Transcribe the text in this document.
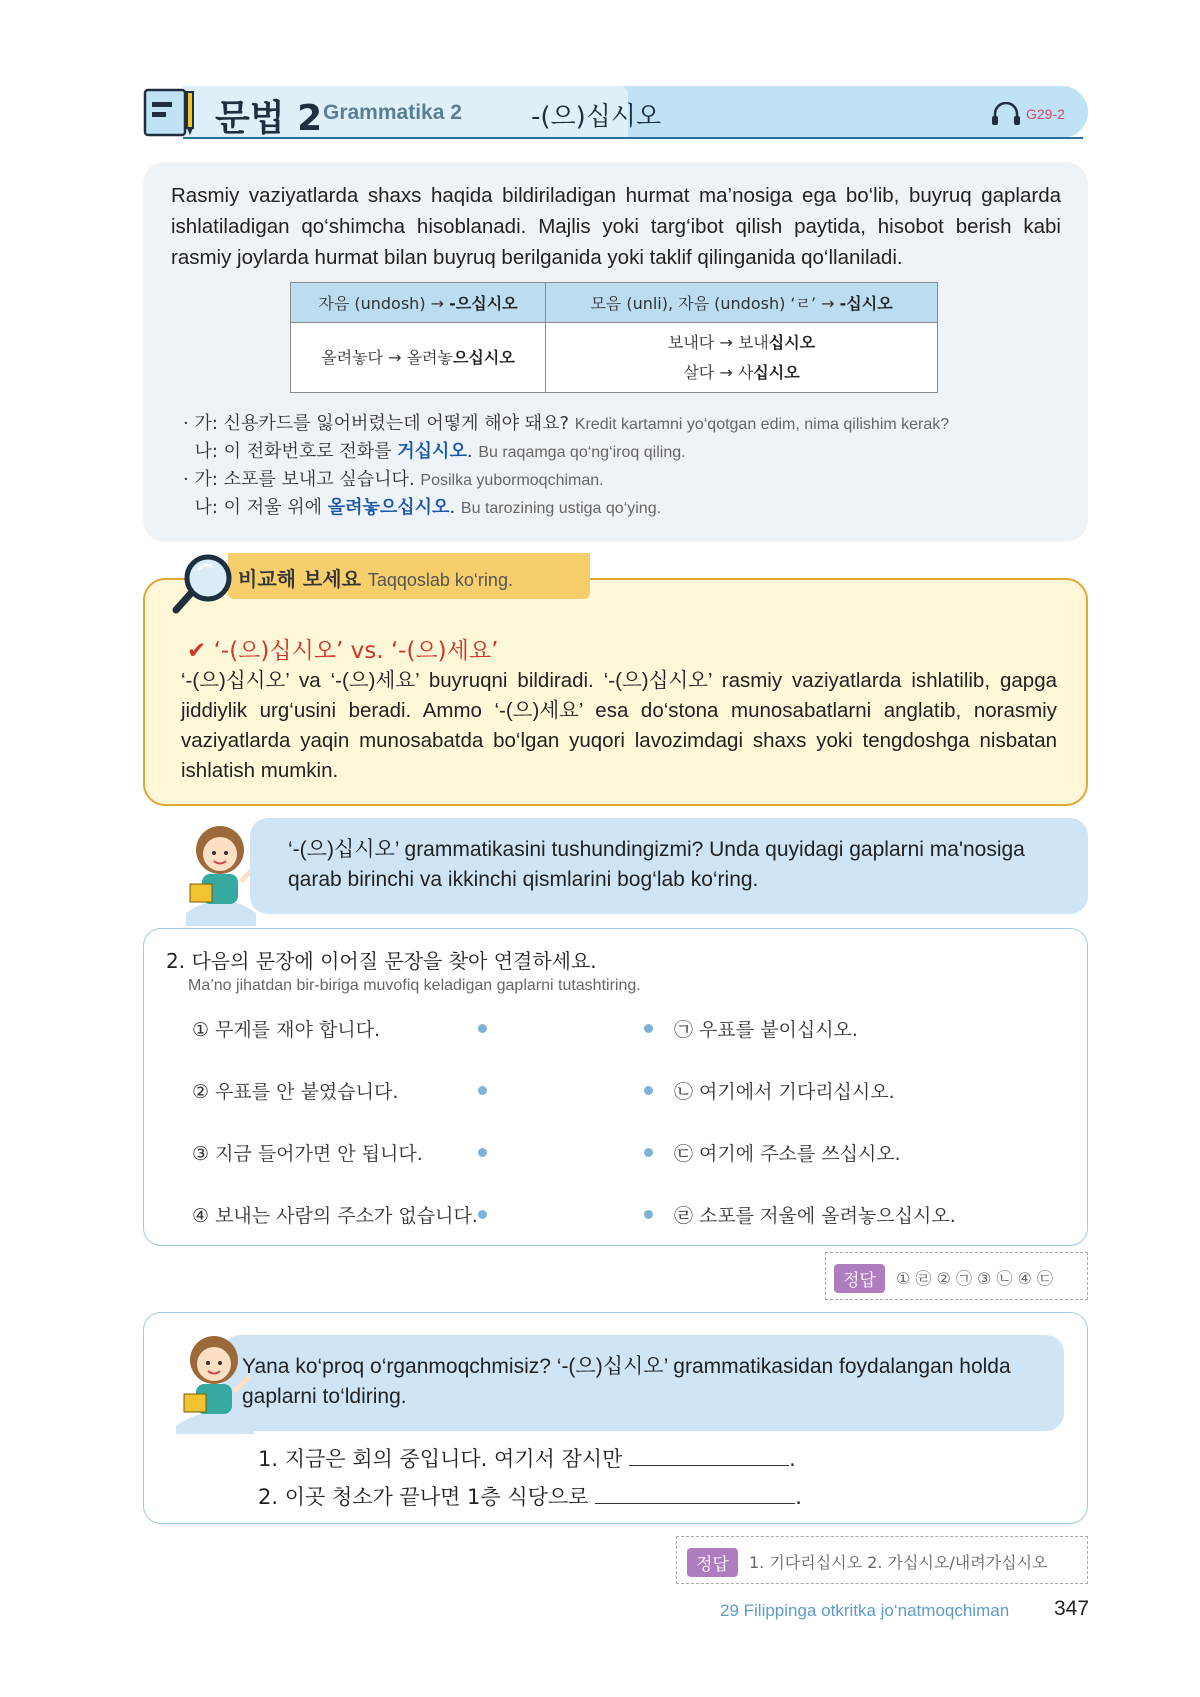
문법 2 Grammatika 2	-(으)십시오	G29-2
Rasmiy vaziyatlarda shaxs haqida bildiriladigan hurmat ma’nosiga ega bo‘lib, buyruq gaplarda ishlatiladigan qo‘shimcha hisoblanadi. Majlis yoki targ‘ibot qilish paytida, hisobot berish kabi rasmiy joylarda hurmat bilan buyruq berilganida yoki taklif qilinganida qo‘llaniladi.
자음 (undosh) → -으십시오	모음 (unli), 자음 (undosh) ‘ㄹ’ → -십시오
올려놓다 → 올려놓으십시오	보내다 → 보내십시오
살다 → 사십시오
· 가: 신용카드를 잃어버렸는데 어떻게 해야 돼요? Kredit kartamni yo‘qotgan edim, nima qilishim kerak?
나: 이 전화번호로 전화를 거십시오. Bu raqamga qo‘ng‘iroq qiling.
· 가: 소포를 보내고 싶습니다. Posilka yubormoqchiman.
나: 이 저울 위에 올려놓으십시오. Bu tarozining ustiga qo‘ying.
✔ ‘-(으)십시오’ vs. ‘-(으)세요’
‘-(으)십시오’ va ‘-(으)세요’ buyruqni bildiradi. ‘-(으)십시오’ rasmiy vaziyatlarda ishlatilib, gapga jiddiylik urg‘usini beradi. Ammo ‘-(으)세요’ esa do‘stona munosabatlarni anglatib, norasmiy vaziyatlarda yaqin munosabatda bo‘lgan yuqori lavozimdagi shaxs yoki tengdoshga nisbatan ishlatish mumkin.
비교해 보세요 Taqqoslab ko‘ring.
‘-(으)십시오’ grammatikasini tushundingizmi? Unda quyidagi gaplarni ma'nosiga qarab birinchi va ikkinchi qismlarini bog‘lab ko‘ring.
2. 다음의 문장에 이어질 문장을 찾아 연결하세요.
Ma’no jihatdan bir-biriga muvofiq keladigan gaplarni tutashtiring.
① 무게를 재야 합니다.
② 우표를 안 붙였습니다.
③ 지금 들어가면 안 됩니다.
④ 보내는 사람의 주소가 없습니다.
㉠ 우표를 붙이십시오.
㉡ 여기에서 기다리십시오.
㉢ 여기에 주소를 쓰십시오.
㉣ 소포를 저울에 올려놓으십시오.
정답	① ㉣ ② ㉠ ③ ㉡ ④ ㉢
Yana ko‘proq o‘rganmoqchmisiz? ‘-(으)십시오’ grammatikasidan foydalangan holda gaplarni to‘ldiring.
1. 지금은 회의 중입니다. 여기서 잠시만	.
2. 이곳 청소가 끝나면 1층 식당으로	.
정답	1. 기다리십시오 2. 가십시오/내려가십시오
29 Filippinga otkritka jo‘natmoqchiman 347
